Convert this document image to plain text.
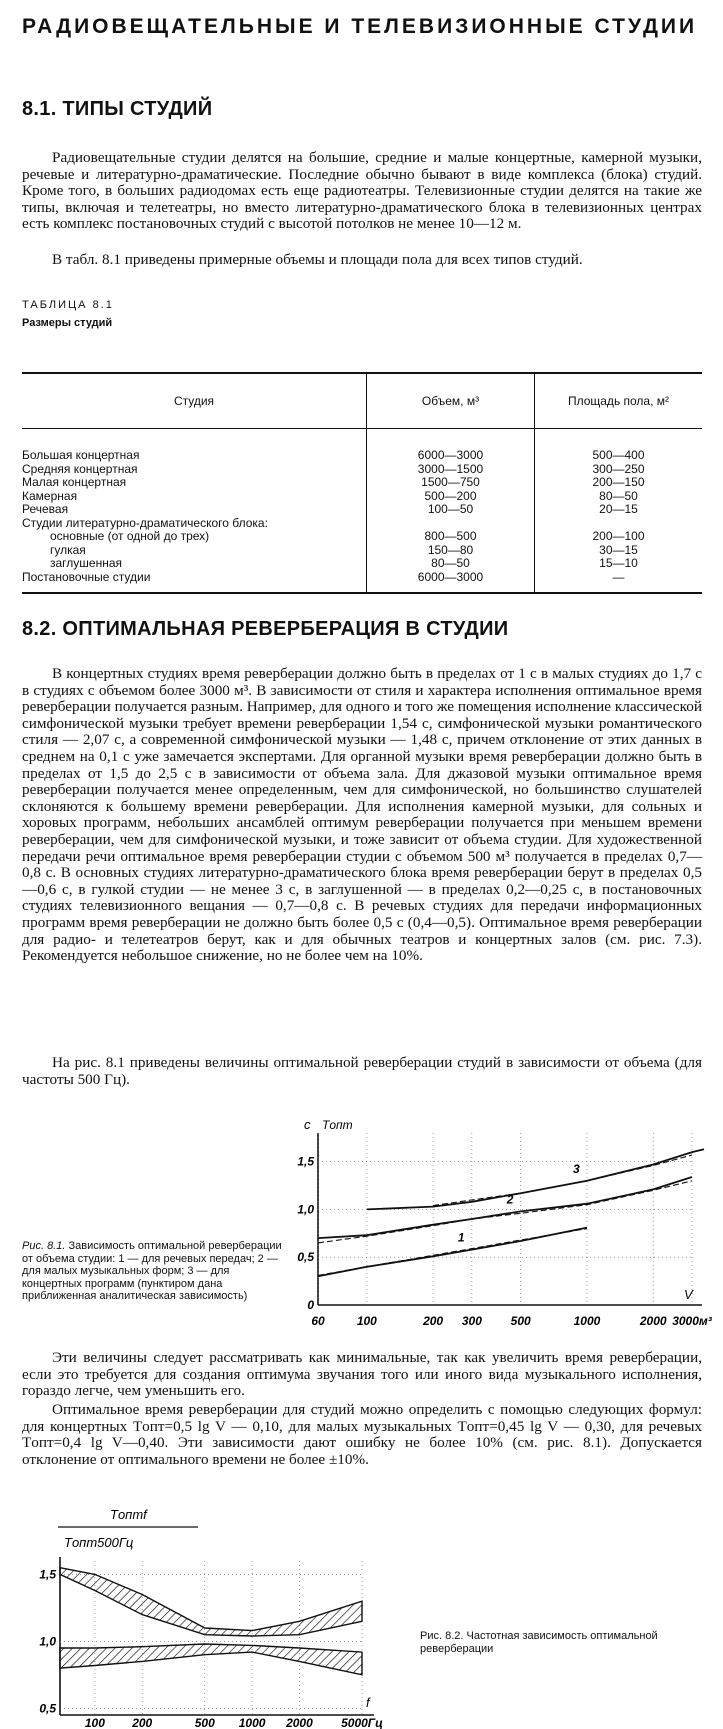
РАДИОВЕЩАТЕЛЬНЫЕ И ТЕЛЕВИЗИОННЫЕ СТУДИИ
8.1. ТИПЫ СТУДИЙ

Радиовещательные студии делятся на большие, средние и малые концертные, камерной музыки, речевые и литературно-драматические. Последние обычно бывают в виде комплекса (блока) студий. Кроме того, в больших радиодомах есть еще радиотеатры. Телевизионные студии делятся на такие же типы, включая и телетеатры, но вместо литературно-драматического блока в телевизионных центрах есть комплекс постановочных студий с высотой потолков не менее 10—12 м.

В табл. 8.1 приведены примерные объемы и площади пола для всех типов студий.

ТАБЛИЦА 8.1

Размеры студий

Студия	Объем, м³	Площадь пола, м²
Большая концертная	6000—3000	500—400
Средняя концертная	3000—1500	300—250
Малая концертная	1500—750	200—150
Камерная	500—200	80—50
Речевая	100—50	20—15
Студии литературно-драматического блока:		
основные (от одной до трех)	800—500	200—100
гулкая	150—80	30—15
заглушенная	80—50	15—10
Постановочные студии	6000—3000	—
8.2. ОПТИМАЛЬНАЯ РЕВЕРБЕРАЦИЯ В СТУДИИ

В концертных студиях время реверберации должно быть в пределах от 1 с в малых студиях до 1,7 с в студиях с объемом более 3000 м³. В зависимости от стиля и характера исполнения оптимальное время реверберации получается разным. Например, для одного и того же помещения исполнение классической симфонической музыки требует времени реверберации 1,54 с, симфонической музыки романтического стиля — 2,07 с, а современной симфонической музыки — 1,48 с, причем отклонение от этих данных в среднем на 0,1 с уже замечается экспертами. Для органной музыки время реверберации должно быть в пределах от 1,5 до 2,5 с в зависимости от объема зала. Для джазовой музыки оптимальное время реверберации получается менее определенным, чем для симфонической, но большинство слушателей склоняются к большему времени реверберации. Для исполнения камерной музыки, для сольных и хоровых программ, небольших ансамблей оптимум реверберации получается при меньшем времени реверберации, чем для симфонической музыки, и тоже зависит от объема студии. Для художественной передачи речи оптимальное время реверберации студии с объемом 500 м³ получается в пределах 0,7—0,8 с. В основных студиях литературно-драматического блока время реверберации берут в пределах 0,5—0,6 с, в гулкой студии — не менее 3 с, в заглушенной — в пределах 0,2—0,25 с, в постановочных студиях телевизионного вещания — 0,7—0,8 с. В речевых студиях для передачи информационных программ время реверберации не должно быть более 0,5 с (0,4—0,5). Оптимальное время реверберации для радио- и телетеатров берут, как и для обычных театров и концертных залов (см. рис. 7.3). Рекомендуется небольшое снижение, но не более чем на 10%.

На рис. 8.1 приведены величины оптимальной реверберации студий в зависимости от объема (для частоты 500 Гц).

60	100	200 300 500	1000	2000 3000м³
0
0,5
1,0
1,5
с Tопт
V
1
2
3

Рис. 8.1. Зависимость оптимальной реверберации от объема студии: 1 — для речевых передач; 2 — для малых музыкальных форм; 3 — для концертных программ (пунктиром дана приближенная аналитическая зависимость)

Эти величины следует рассматривать как минимальные, так как увеличить время реверберации, если это требуется для создания оптимума звучания того или иного вида музыкального исполнения, гораздо легче, чем уменьшить его.

Оптимальное время реверберации для студий можно определить с помощью следующих формул: для концертных Tопт=0,5 lg V — 0,10, для малых музыкальных Tопт=0,45 lg V — 0,30, для речевых Tопт=0,4 lg V—0,40. Эти зависимости дают ошибку не более 10% (см. рис. 8.1). Допускается отклонение от оптимального времени не более ±10%.

Tоптf
Tопт500Гц
100 200	500 1000 2000 5000Гц
1,5
1,0
0,5	f

Рис. 8.2. Частотная зависимость оптимальной реверберации
